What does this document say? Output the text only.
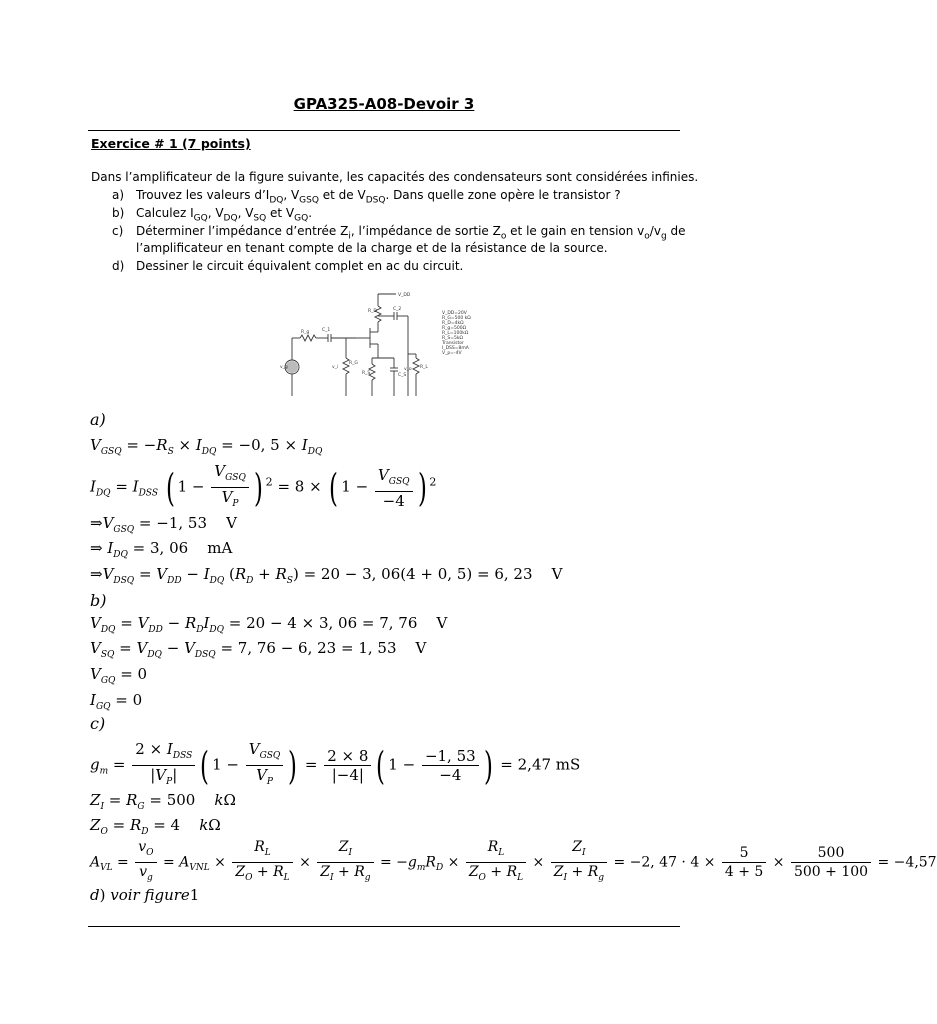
GPA325-A08-Devoir 3
Exercice # 1 (7 points)
Dans l’amplificateur de la figure suivante, les capacités des condensateurs sont considérées infinies.
a) Trouvez les valeurs $d’I_{DQ}$, $V_{GSQ}$ et de $V_{DSQ}$. Dans quelle zone opère le transistor ?
b) Calculez $I_{GQ}$, $V_{DQ}$, $V_{SQ}$ et $V_{GQ}$.
c) Déterminer l’impédance d’entrée $Z_i$, l’impédance de sortie $Z_o$ et le gain en tension $v_o/v_g$ de
l’amplificateur en tenant compte de la charge et de la résistance de la source.
d) Dessiner le circuit équivalent complet en ac du circuit.
V_DD
R_D	C_2
R_g	C_1
R_G
v_g	v_i
R_S	C_S
R_L
v_o
V_DD=20V
R_G=500 kΩ
R_D=4kΩ
R_g=500Ω
R_L=100kΩ
R_S=5kΩ
Transistor
I_DSS=8mA
V_p=-4V
a)
$V_{GSQ} = -R_S \times I_{DQ} = -0$, $5 \times I_{DQ}$
$I_{DQ} = I_{DSS}$ ( $1 - \frac{V_{GSQ}}{V_P}$ ) $^2$ = 8 × ( $1 - \frac{V_{GSQ}}{-4}$ ) $^2$
$\Rightarrow V_{GSQ} = -1$, 53    V
⇒ $I_{DQ} = 3$, 06    mA
$\Rightarrow V_{DSQ} = V_{DD} - I_{DQ}$ $(R_D + R_S) = 20 - 3$, 06(4 + 0, 5) = 6, 23    V
b)
$V_{DQ} = V_{DD} - R_DI_{DQ} = 20 - 4 \times 3$, 06 = 7, 76    V
$V_{SQ} = V_{DQ} - V_{DSQ} = 7$, 76 − 6, 23 = 1, 53    V
$V_{GQ} = 0$
$I_{GQ} = 0$
c)
$g_m = \frac{2 \times I_{DSS}}{|V_P|}$ ( $1 - \frac{V_{GSQ}}{V_P}$ ) = $\frac{2 \times 8}{|-4|}$ ( $1 - \frac{-1, 53}{-4}$ ) = 2,47 mS
$Z_I = R_G = 500$    kΩ
$Z_O = R_D = 4$    kΩ
$A_{VL} = \frac{v_O}{v_g} = A_{VNL} \times \frac{R_L}{Z_O + R_L} \times \frac{Z_I}{Z_I + R_g} = -g_mR_D \times \frac{R_L}{Z_O + R_L} \times \frac{Z_I}{Z_I + R_g} = -2$, $47 \cdot 4 \times \frac{5}{4 + 5} \times \frac{500}{500 + 100} = -4,57$
d) voir figure1
